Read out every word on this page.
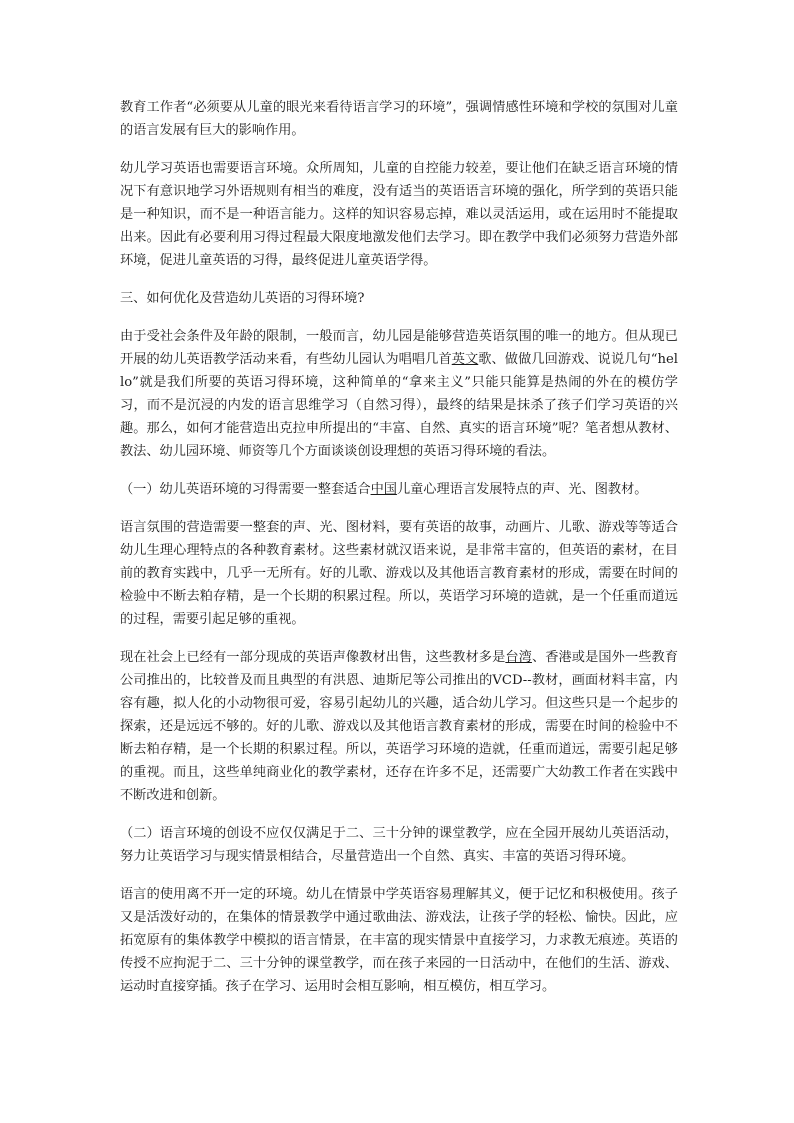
教育工作者“必须要从儿童的眼光来看待语言学习的环境”，强调情感性环境和学校的氛围对儿童的语言发展有巨大的影响作用。

幼儿学习英语也需要语言环境。众所周知，儿童的自控能力较差，要让他们在缺乏语言环境的情况下有意识地学习外语规则有相当的难度，没有适当的英语语言环境的强化，所学到的英语只能是一种知识，而不是一种语言能力。这样的知识容易忘掉，难以灵活运用，或在运用时不能提取出来。因此有必要利用习得过程最大限度地激发他们去学习。即在教学中我们必须努力营造外部环境，促进儿童英语的习得，最终促进儿童英语学得。

三、如何优化及营造幼儿英语的习得环境?

由于受社会条件及年龄的限制，一般而言，幼儿园是能够营造英语氛围的唯一的地方。但从现已开展的幼儿英语教学活动来看，有些幼儿园认为唱唱几首英文歌、做做几回游戏、说说几句“hello”就是我们所要的英语习得环境，这种简单的“拿来主义”只能只能算是热闹的外在的模仿学习，而不是沉浸的内发的语言思维学习（自然习得），最终的结果是抹杀了孩子们学习英语的兴趣。那么，如何才能营造出克拉申所提出的“丰富、自然、真实的语言环境”呢？笔者想从教材、教法、幼儿园环境、师资等几个方面谈谈创设理想的英语习得环境的看法。

（一）幼儿英语环境的习得需要一整套适合中国儿童心理语言发展特点的声、光、图教材。

语言氛围的营造需要一整套的声、光、图材料，要有英语的故事，动画片、儿歌、游戏等等适合幼儿生理心理特点的各种教育素材。这些素材就汉语来说，是非常丰富的，但英语的素材，在目前的教育实践中，几乎一无所有。好的儿歌、游戏以及其他语言教育素材的形成，需要在时间的检验中不断去粕存精，是一个长期的积累过程。所以，英语学习环境的造就，是一个任重而道远的过程，需要引起足够的重视。

现在社会上已经有一部分现成的英语声像教材出售，这些教材多是台湾、香港或是国外一些教育公司推出的，比较普及而且典型的有洪恩、迪斯尼等公司推出的VCD--教材，画面材料丰富，内容有趣，拟人化的小动物很可爱，容易引起幼儿的兴趣，适合幼儿学习。但这些只是一个起步的探索，还是远远不够的。好的儿歌、游戏以及其他语言教育素材的形成，需要在时间的检验中不断去粕存精，是一个长期的积累过程。所以，英语学习环境的造就，任重而道远，需要引起足够的重视。而且，这些单纯商业化的教学素材，还存在许多不足，还需要广大幼教工作者在实践中不断改进和创新。

（二）语言环境的创设不应仅仅满足于二、三十分钟的课堂教学，应在全园开展幼儿英语活动，努力让英语学习与现实情景相结合，尽量营造出一个自然、真实、丰富的英语习得环境。

语言的使用离不开一定的环境。幼儿在情景中学英语容易理解其义，便于记忆和积极使用。孩子又是活泼好动的，在集体的情景教学中通过歌曲法、游戏法，让孩子学的轻松、愉快。因此，应拓宽原有的集体教学中模拟的语言情景，在丰富的现实情景中直接学习，力求教无痕迹。英语的传授不应拘泥于二、三十分钟的课堂教学，而在孩子来园的一日活动中，在他们的生活、游戏、运动时直接穿插。孩子在学习、运用时会相互影响，相互模仿，相互学习。
